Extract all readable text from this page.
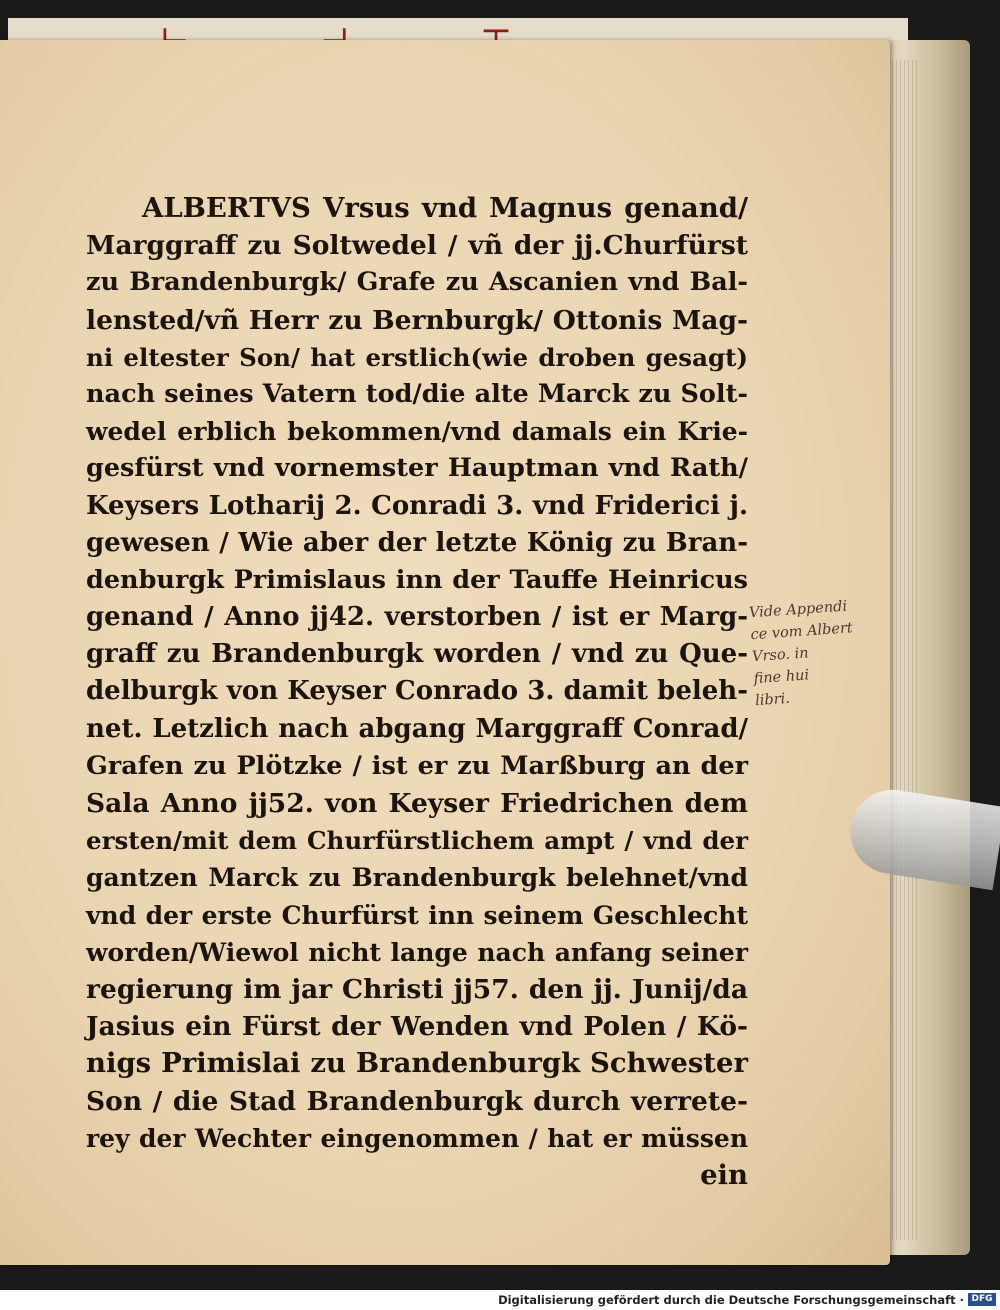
ALBERTVS Vrsus vnd Magnus genand/
Marggraff zu Soltwedel / vñ der jj.Churfürst
zu Brandenburgk/ Grafe zu Ascanien vnd Bal-
lensted/vñ Herr zu Bernburgk/ Ottonis Mag-
ni eltester Son/ hat erstlich(wie droben gesagt)
nach seines Vatern tod/die alte Marck zu Solt-
wedel erblich bekommen/vnd damals ein Krie-
gesfürst vnd vornemster Hauptman vnd Rath/
Keysers Lotharij 2. Conradi 3. vnd Friderici j.
gewesen / Wie aber der letzte König zu Bran-
denburgk Primislaus inn der Tauffe Heinricus
genand / Anno jj42. verstorben / ist er Marg-
graff zu Brandenburgk worden / vnd zu Que-
delburgk von Keyser Conrado 3. damit beleh-
net. Letzlich nach abgang Marggraff Conrad/
Grafen zu Plötzke / ist er zu Marßburg an der
Sala Anno jj52. von Keyser Friedrichen dem
ersten/mit dem Churfürstlichem ampt / vnd der
gantzen Marck zu Brandenburgk belehnet/vnd
vnd der erste Churfürst inn seinem Geschlecht
worden/Wiewol nicht lange nach anfang seiner
regierung im jar Christi jj57. den jj. Junij/da
Jasius ein Fürst der Wenden vnd Polen / Kö-
nigs Primislai zu Brandenburgk Schwester
Son / die Stad Brandenburgk durch verrete-
rey der Wechter eingenommen / hat er müssen
ein
Vide Appendi
ce vom Albert
Vrso. in
fine hui
libri.
Digitalisierung gefördert durch die Deutsche Forschungsgemeinschaft · DFG
